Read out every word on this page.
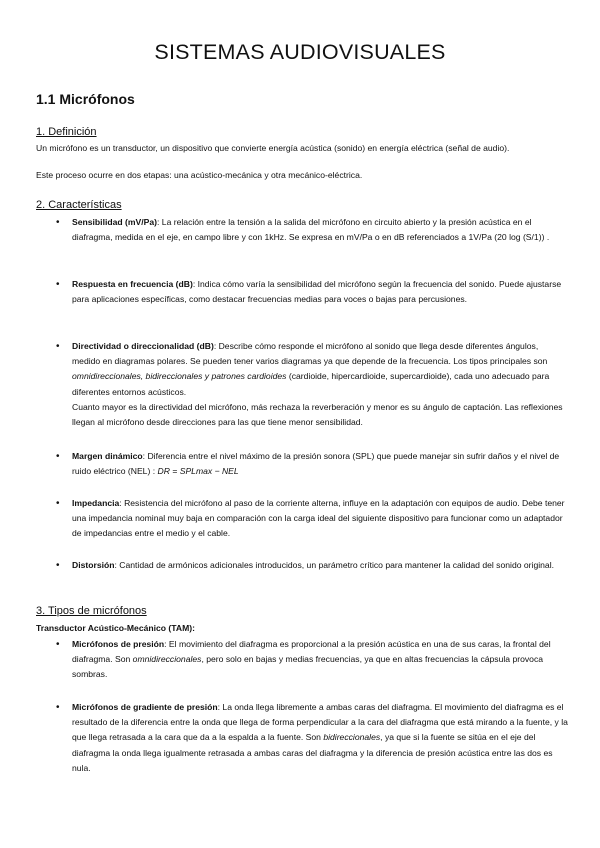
SISTEMAS AUDIOVISUALES
1.1 Micrófonos
1. Definición
Un micrófono es un transductor, un dispositivo que convierte energía acústica (sonido) en energía eléctrica (señal de audio).
Este proceso ocurre en dos etapas: una acústico-mecánica y otra mecánico-eléctrica.
2. Características
• Sensibilidad (mV/Pa): La relación entre la tensión a la salida del micrófono en circuito abierto y la presión acústica en el diafragma, medida en el eje, en campo libre y con 1kHz. Se expresa en mV/Pa o en dB referenciados a 1V/Pa (20 log (S/1)) .
• Respuesta en frecuencia (dB): Indica cómo varía la sensibilidad del micrófono según la frecuencia del sonido. Puede ajustarse para aplicaciones específicas, como destacar frecuencias medias para voces o bajas para percusiones.
• Directividad o direccionalidad (dB): Describe cómo responde el micrófono al sonido que llega desde diferentes ángulos, medido en diagramas polares. Se pueden tener varios diagramas ya que depende de la frecuencia. Los tipos principales son omnidireccionales, bidireccionales y patrones cardioides (cardioide, hipercardioide, supercardioide), cada uno adecuado para diferentes entornos acústicos.
Cuanto mayor es la directividad del micrófono, más rechaza la reverberación y menor es su ángulo de captación. Las reflexiones llegan al micrófono desde direcciones para las que tiene menor sensibilidad.
• Margen dinámico: Diferencia entre el nivel máximo de la presión sonora (SPL) que puede manejar sin sufrir daños y el nivel de ruido eléctrico (NEL) : DR = SPLmax − NEL
• Impedancia: Resistencia del micrófono al paso de la corriente alterna, influye en la adaptación con equipos de audio. Debe tener una impedancia nominal muy baja en comparación con la carga ideal del siguiente dispositivo para funcionar como un adaptador de impedancias entre el medio y el cable.
• Distorsión: Cantidad de armónicos adicionales introducidos, un parámetro crítico para mantener la calidad del sonido original.
3. Tipos de micrófonos
Transductor Acústico-Mecánico (TAM):
• Micrófonos de presión: El movimiento del diafragma es proporcional a la presión acústica en una de sus caras, la frontal del diafragma. Son omnidireccionales, pero solo en bajas y medias frecuencias, ya que en altas frecuencias la cápsula provoca sombras.
• Micrófonos de gradiente de presión: La onda llega libremente a ambas caras del diafragma. El movimiento del diafragma es el resultado de la diferencia entre la onda que llega de forma perpendicular a la cara del diafragma que está mirando a la fuente, y la que llega retrasada a la cara que da a la espalda a la fuente. Son bidireccionales, ya que si la fuente se sitúa en el eje del diafragma la onda llega igualmente retrasada a ambas caras del diafragma y la diferencia de presión acústica entre las dos es nula.
